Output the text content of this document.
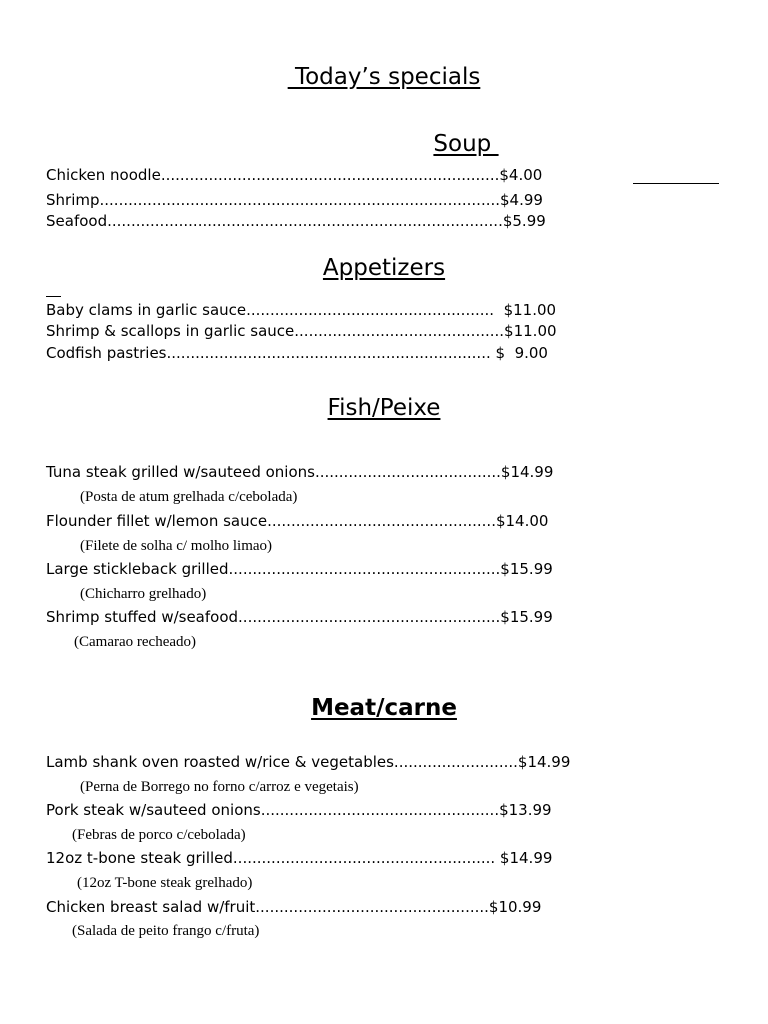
Today’s specials
Soup
Chicken noodle.......................................................................$4.00
Shrimp....................................................................................$4.99
Seafood...................................................................................$5.99
Appetizers
Baby clams in garlic sauce....................................................  $11.00
Shrimp & scallops in garlic sauce............................................$11.00
Codfish pastries.................................................................... $  9.00
Fish/Peixe
Tuna steak grilled w/sauteed onions.......................................$14.99
(Posta de atum grelhada c/cebolada)
Flounder fillet w/lemon sauce................................................$14.00
(Filete de solha c/ molho limao)
Large stickleback grilled.........................................................$15.99
(Chicharro grelhado)
Shrimp stuffed w/seafood.......................................................$15.99
(Camarao recheado)
Meat/carne
Lamb shank oven roasted w/rice & vegetables..........................$14.99
(Perna de Borrego no forno c/arroz e vegetais)
Pork steak w/sauteed onions..................................................$13.99
(Febras de porco c/cebolada)
12oz t-bone steak grilled....................................................... $14.99
(12oz T-bone steak grelhado)
Chicken breast salad w/fruit.................................................$10.99
(Salada de peito frango c/fruta)
